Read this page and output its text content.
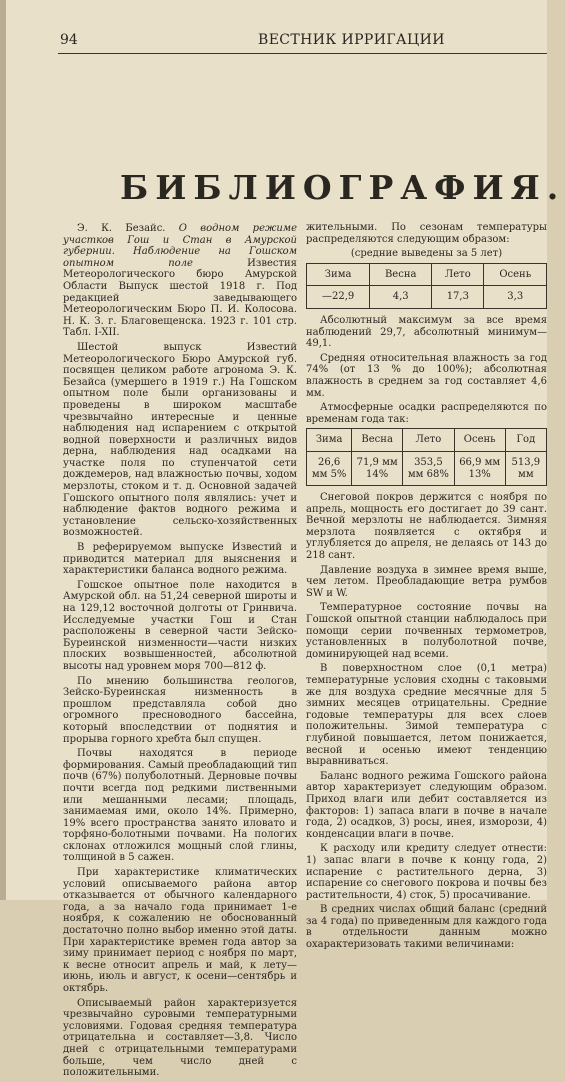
94	ВЕСТНИК ИРРИГАЦИИ
БИБЛИОГРАФИЯ.

Э. К. Безайс. О водном режиме участков Гош и Стан в Амурской губернии. Наблюдение на Гошском опытном поле	Известия Метеорологического бюро Амурской Области Выпуск шестой 1918 г. Под редакцией заведывающего Метеорологическим Бюро П. И. Колосова. Н. К. З. г. Благовещенска. 1923 г. 101 стр. Табл. I-XII.

Шестой выпуск Известий Метеорологического Бюро Амурской губ. посвящен целиком работе агронома Э. К. Безайса (умершего в 1919 г.) На Гошском опытном поле были организованы и проведены в широком масштабе чрезвычайно интересные и ценные наблюдения над испарением с открытой водной поверхности и различных видов дерна, наблюдения над осадками на участке поля по ступенчатой сети дождемеров, над влажностью почвы, ходом мерзлоты, стоком и т. д. Основной задачей Гошского опытного поля являлись: учет и наблюдение фактов водного режима и установление сельско-хозяйственных возможностей.

В реферируемом выпуске Известий и приводится материал для выяснения и характеристики баланса водного режима.

Гошское опытное поле находится в Амурской обл. на 51,24 северной широты и на 129,12 восточной долготы от Гринвича. Исследуемые участки Гош и Стан расположены в северной части Зейско-Буреинской низменности—части низких плоских возвышенностей, абсолютной высоты над уровнем моря 700—812 ф.

По мнению большинства геологов, Зейско-Буреинская низменность в прошлом представляла собой дно огромного пресноводного бассейна, который впоследствии от поднятия и прорыва горного хребта был спущен.

Почвы находятся в периоде формирования. Самый преобладающий тип почв (67%) полуболотный. Дерновые почвы почти всегда под редкими лиственными или мешанными лесами; площадь, занимаемая ими, около 14%. Примерно, 19% всего пространства занято иловато и торфяно-болотными почвами. На пологих склонах отложился мощный слой глины, толщиной в 5 сажен.

При характеристике климатических условий описываемого района автор отказывается от обычного календарного года, а за начало года принимает 1-е ноября, к сожалению не обоснованный достаточно полно выбор именно этой даты. При характеристике времен года автор за зиму принимает период с ноября по март, к весне относит апрель и май, к лету—июнь, июль и август, к осени—сентябрь и октябрь.

Описываемый район характеризуется чрезвычайно суровыми температурными условиями. Годовая средняя температура отрицательна и составляет—3,8. Число дней с отрицательными температурами больше, чем число дней с положительными.

жительными. По сезонам температуры распределяются следующим образом:

(средние выведены за 5 лет)

Зима	Весна	Лето	Осень
—22,9	4,3	17,3	3,3

Абсолютный максимум за все время наблюдений 29,7, абсолютный минимум—49,1.

Средняя относительная влажность за год 74% (от 13 % до 100%); абсолютная влажность в среднем за год составляет 4,6 мм.

Атмосферные осадки распределяются по временам года так:

Зима	Весна	Лето	Осень	Год
26,6 мм 5%	71,9 мм 14%	353,5 мм 68%	66,9 мм 13%	513,9 мм

Снеговой покров держится с ноября по апрель, мощность его достигает до 39 сант. Вечной мерзлоты не наблюдается. Зимняя мерзлота появляется с октября и углубляется до апреля, не делаясь от 143 до 218 сант.

Давление воздуха в зимнее время выше, чем летом. Преобладающие ветра румбов SW и W.

Температурное состояние почвы на Гошской опытной станции наблюдалось при помощи серии почвенных термометров, установленных в полуболотной почве, доминирующей над всеми.

В поверхностном слое (0,1 метра) температурные условия сходны с таковыми же для воздуха средние месячные для 5 зимних месяцев отрицательны. Средние годовые температуры для всех слоев положительны. Зимой температура с глубиной повышается, летом понижается, весной и осенью имеют тенденцию выравниваться.

Баланс водного режима Гошского района автор характеризует следующим образом. Приход влаги или дебит составляется из факторов: 1) запаса влаги в почве в начале года, 2) осадков, 3) росы, инея, изморози, 4) конденсации влаги в почве.

К расходу или кредиту следует отнести: 1) запас влаги в почве к концу года, 2) испарение с растительного дерна, 3) испарение со снегового покрова и почвы без растительности, 4) сток, 5) просачивание.

В средних числах общий баланс (средний за 4 года) по приведенным для каждого года в отдельности данным можно охарактеризовать такими величинами:
